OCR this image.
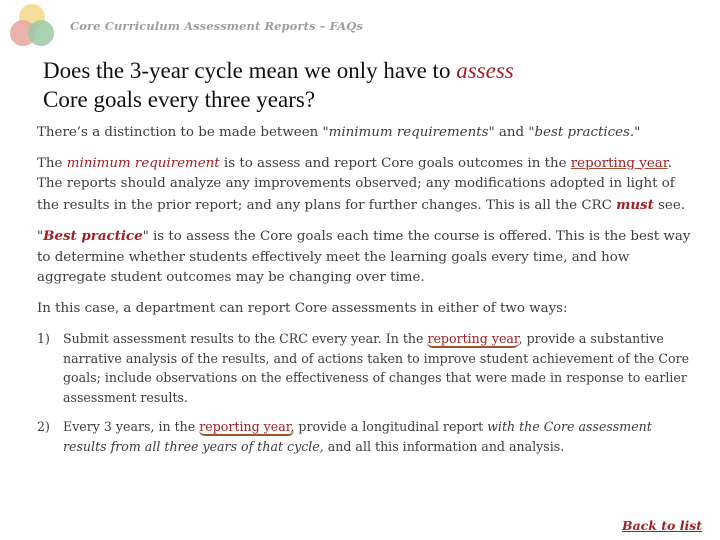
Core Curriculum Assessment Reports – FAQs
Does the 3-year cycle mean we only have to assess
Core goals every three years?

There’s a distinction to be made between "minimum requirements" and "best practices."

The minimum requirement is to assess and report Core goals outcomes in the reporting year. The reports should analyze any improvements observed; any modifications adopted in light of the results in the prior report; and any plans for further changes. This is all the CRC must see.

"Best practice" is to assess the Core goals each time the course is offered. This is the best way to determine whether students effectively meet the learning goals every time, and how aggregate student outcomes may be changing over time.

In this case, a department can report Core assessments in either of two ways:

1) Submit assessment results to the CRC every year. In the reporting year, provide a substantive narrative analysis of the results, and of actions taken to improve student achievement of the Core goals; include observations on the effectiveness of changes that were made in response to earlier assessment results.
2) Every 3 years, in the reporting year, provide a longitudinal report with the Core assessment results from all three years of that cycle, and all this information and analysis.
Back to list
